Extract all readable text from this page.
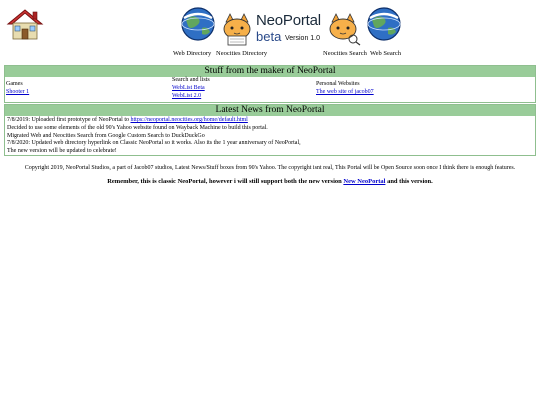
NeoPortal
beta Version 1.0
Web Directory Neocities Directory	Neocities Search Web Search
Stuff from the maker of NeoPortal
Games
Shooter 1
Search and lists
WebList Beta
WebList 2.0
Personal Websites
The web site of jacob07
Latest News from NeoPortal
7/8/2019: Uploaded first prototype of NeoPortal to https://neoportal.neocities.org/home/default.html
Decided to use some elements of the old 90's Yahoo website found on Wayback Machine to build this portal.
Migrated Web and Neocities Search from Google Custom Search to DuckDuckGo
7/8/2020: Updated web directory hyperlink on Classic NeoPortal so it works. Also its the 1 year anniversary of NeoPortal,
The new version will be updated to celebrate!
Copyright 2019, NeoPortal Studios, a part of Jacob07 studios, Latest News/Stuff boxes from 90's Yahoo. The copyright isnt real, This Portal will be Open Source soon once I think there is enough features.
Remember, this is classic NeoPortal, however i will still support both the new version New NeoPortal and this version.
